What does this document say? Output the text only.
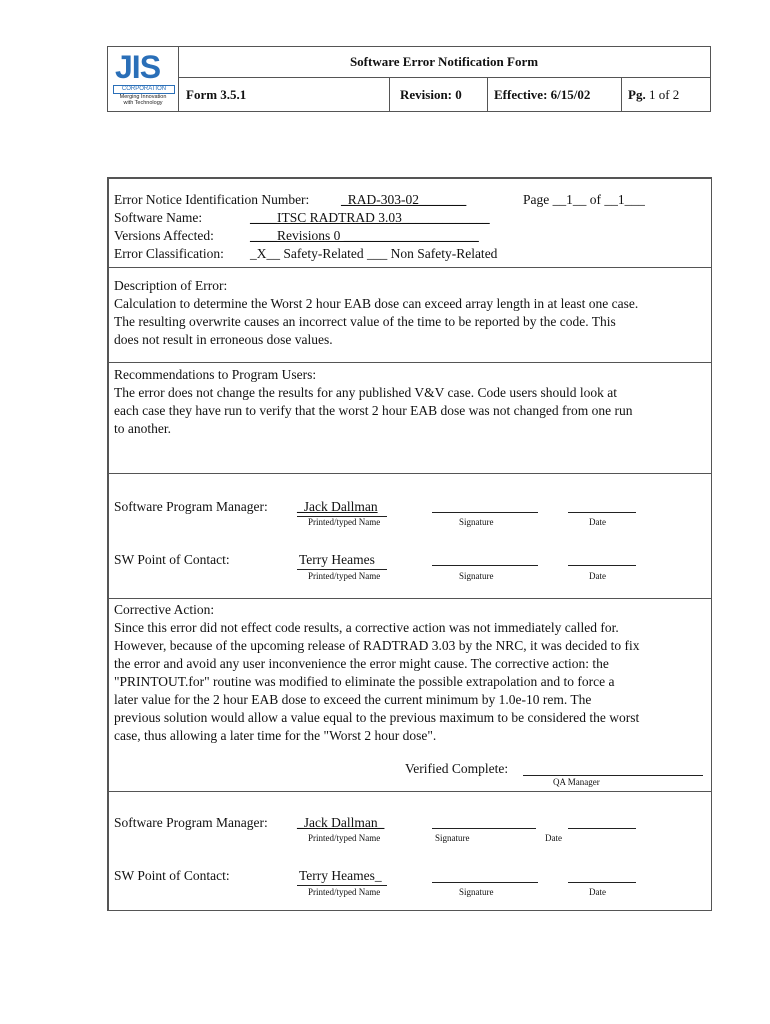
JIS
CORPORATION
Merging Innovation
with Technology
Software Error Notification Form
Form 3.5.1	Revision: 0	Effective: 6/15/02	Pg. 1 of 2
Error Notice Identification Number: _RAD-303-02_______	Page __1__ of __1___
Software Name:	____ITSC RADTRAD 3.03_____________
Versions Affected:	____Revisions 0 ____________________
Error Classification: _X__ Safety-Related ___ Non Safety-Related
Description of Error:
Calculation to determine the Worst 2 hour EAB dose can exceed array length in at least one case.
The resulting overwrite causes an incorrect value of the time to be reported by the code. This
does not result in erroneous dose values.
Recommendations to Program Users:
The error does not change the results for any published V&V case. Code users should look at
each case they have run to verify that the worst 2 hour EAB dose was not changed from one run
to another.
Software Program Manager: _Jack Dallman
Printed/typed Name	Signature	Date
SW Point of Contact:	Terry Heames
Printed/typed Name	Signature	Date
Corrective Action:
Since this error did not effect code results, a corrective action was not immediately called for.
However, because of the upcoming release of RADTRAD 3.03 by the NRC, it was decided to fix
the error and avoid any user inconvenience the error might cause. The corrective action: the
"PRINTOUT.for" routine was modified to eliminate the possible extrapolation and to force a
later value for the 2 hour EAB dose to exceed the current minimum by 1.0e-10 rem. The
previous solution would allow a value equal to the previous maximum to be considered the worst
case, thus allowing a later time for the "Worst 2 hour dose".
Verified Complete:
QA Manager
Software Program Manager: _Jack Dallman_
Printed/typed Name	Signature	Date
SW Point of Contact:	Terry Heames_
Printed/typed Name	Signature	Date
